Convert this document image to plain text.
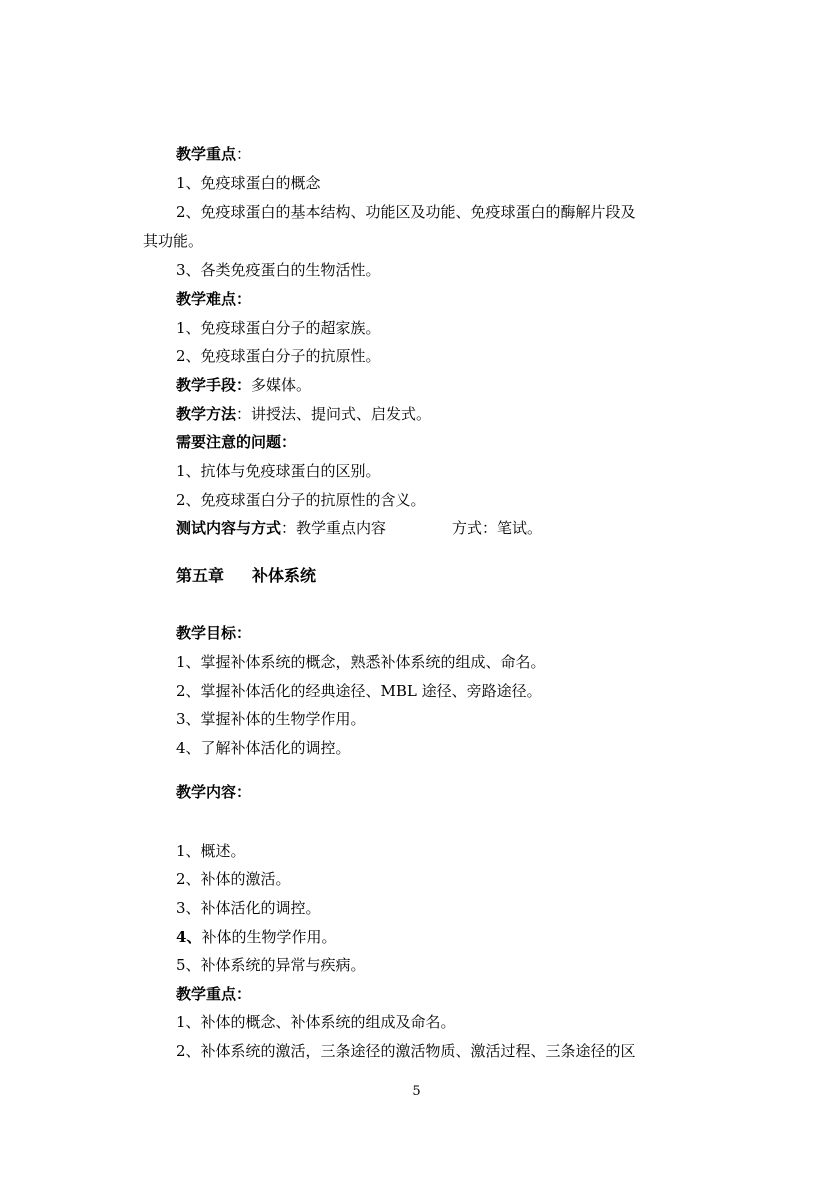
教学重点：
1、免疫球蛋白的概念
2、免疫球蛋白的基本结构、功能区及功能、免疫球蛋白的酶解片段及
其功能。
3、各类免疫蛋白的生物活性。
教学难点：
1、免疫球蛋白分子的超家族。
2、免疫球蛋白分子的抗原性。
教学手段：多媒体。
教学方法：讲授法、提问式、启发式。
需要注意的问题：
1、抗体与免疫球蛋白的区别。
2、免疫球蛋白分子的抗原性的含义。
测试内容与方式：教学重点内容	方式：笔试。
第五章 补体系统
教学目标：
1、掌握补体系统的概念，熟悉补体系统的组成、命名。
2、掌握补体活化的经典途径、MBL 途径、旁路途径。
3、掌握补体的生物学作用。
4、了解补体活化的调控。
教学内容：
1、概述。
2、补体的激活。
3、补体活化的调控。
4、补体的生物学作用。
5、补体系统的异常与疾病。
教学重点：
1、补体的概念、补体系统的组成及命名。
2、补体系统的激活，三条途径的激活物质、激活过程、三条途径的区
5
